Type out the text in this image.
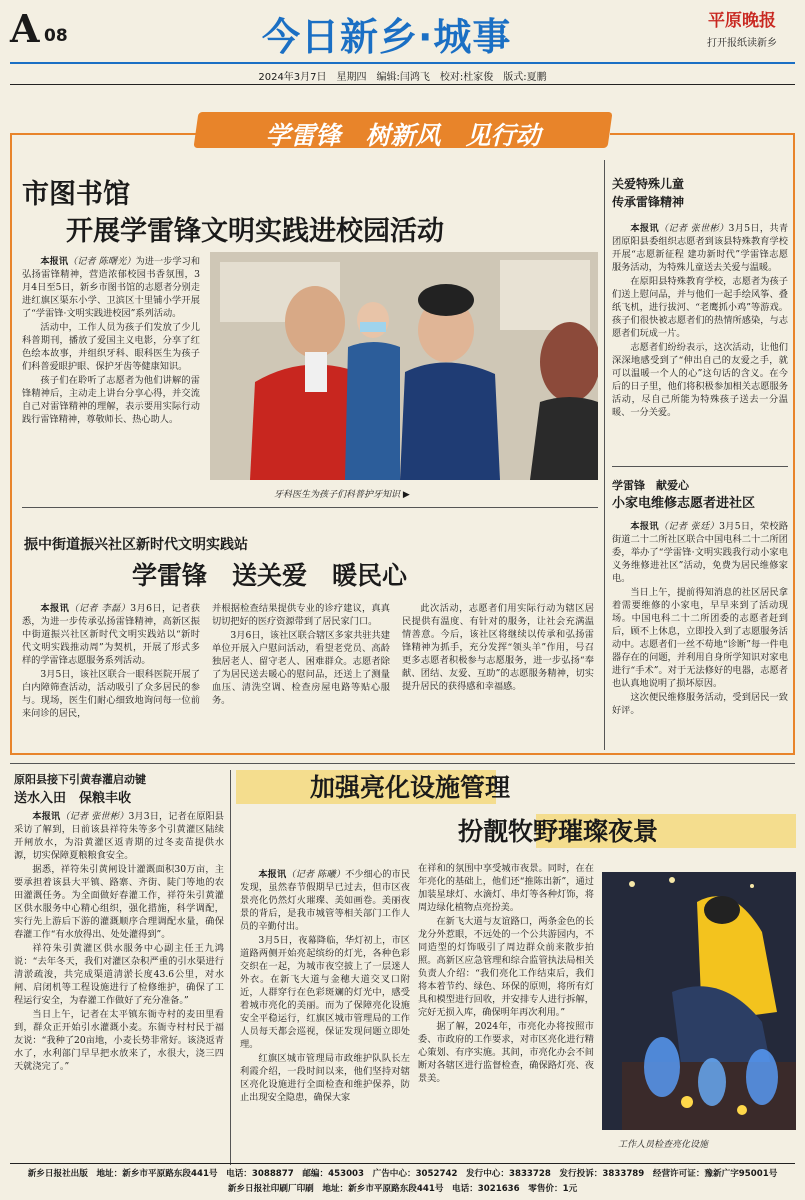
A 08	今日新乡·城事	平原晚报
打开报纸读新乡
2024年3月7日　星期四　编辑:闫鸿飞　校对:杜家俊　版式:夏鹏
学雷锋　树新风　见行动
市图书馆
开展学雷锋文明实践进校园活动
本报讯（记者 陈曙光）为进一步学习和弘扬雷锋精神，营造浓郁校园书香氛围，3月4日至5日，新乡市图书馆的志愿者分别走进红旗区渠东小学、卫滨区十里铺小学开展了“学雷锋·文明实践进校园”系列活动。
活动中，工作人员为孩子们发放了少儿科普期刊，播放了爱国主义电影，分享了红色绘本故事，并组织牙科、眼科医生为孩子们科普爱眼护眼、保护牙齿等健康知识。
孩子们在聆听了志愿者为他们讲解的雷锋精神后，主动走上讲台分享心得，并交流自己对雷锋精神的理解，表示要用实际行动践行雷锋精神，尊敬师长、热心助人。
牙科医生为孩子们科普护牙知识 ▶
关爱特殊儿童
传承雷锋精神
本报讯（记者 张世彬）3月5日，共青团原阳县委组织志愿者到该县特殊教育学校开展“志愿新征程 建功新时代”学雷锋志愿服务活动，为特殊儿童送去关爱与温暖。
在原阳县特殊教育学校，志愿者为孩子们送上慰问品，并与他们一起手绘风筝、叠纸飞机，进行拔河、“老鹰抓小鸡”等游戏。孩子们很快被志愿者们的热情所感染，与志愿者们玩成一片。
志愿者们纷纷表示，这次活动，让他们深深地感受到了“伸出自己的友爱之手，就可以温暖一个人的心”这句话的含义。在今后的日子里，他们将积极参加相关志愿服务活动，尽自己所能为特殊孩子送去一分温暖、一分关爱。
学雷锋　献爱心
小家电维修志愿者进社区
本报讯（记者 张廷）3月5日，荣校路街道二十二所社区联合中国电科二十二所团委，举办了“学雷锋·文明实践我行动小家电义务维修进社区”活动，免费为居民维修家电。
当日上午，提前得知消息的社区居民拿着需要维修的小家电，早早来到了活动现场。中国电科二十二所团委的志愿者赶到后，顾不上休息，立即投入到了志愿服务活动中。志愿者们一丝不苟地“诊断”每一件电器存在的问题，并利用自身所学知识对家电进行“手术”。对于无法修好的电器，志愿者也认真地说明了损坏原因。
这次便民维修服务活动，受到居民一致好评。
振中街道振兴社区新时代文明实践站
学雷锋　送关爱　暖民心
本报讯（记者 李磊）3月6日，记者获悉，为进一步传承弘扬雷锋精神，高新区振中街道振兴社区新时代文明实践站以“新时代文明实践推动周”为契机，开展了形式多样的学雷锋志愿服务系列活动。
3月5日，该社区联合一眼科医院开展了白内障筛查活动，活动吸引了众多居民的参与。现场，医生们耐心细致地询问每一位前来问诊的居民，
并根据检查结果提供专业的诊疗建议，真真切切把好的医疗资源带到了居民家门口。
3月6日，该社区联合辖区多家共驻共建单位开展入户慰问活动，看望老党员、高龄独居老人、留守老人、困难群众。志愿者除了为居民送去暖心的慰问品，还送上了测量血压、清洗空调、检查房屋电路等贴心服务。
此次活动，志愿者们用实际行动为辖区居民提供有温度、有针对的服务，让社会充满温情善意。今后，该社区将继续以传承和弘扬雷锋精神为抓手，充分发挥“领头羊”作用，号召更多志愿者积极参与志愿服务，进一步弘扬“奉献、团结、友爱、互助”的志愿服务精神，切实提升居民的获得感和幸福感。
原阳县接下引黄春灌启动键
送水入田　保粮丰收
本报讯（记者 张世彬）3月3日，记者在原阳县采访了解到，日前该县祥符朱等多个引黄灌区陆续开闸放水，为沿黄灌区返青期的过冬麦苗提供水源，切实保障夏粮粮食安全。
据悉，祥符朱引黄闸设计灌溉面积30万亩，主要承担着该县大平镇、路寨、齐街、陡门等地的农田灌溉任务。为全面做好春灌工作，祥符朱引黄灌区供水服务中心精心组织，强化措施，科学调配，实行先上游后下游的灌溉顺序合理调配水量，确保春灌工作“有水放得出、处处灌得到”。
祥符朱引黄灌区供水服务中心副主任王九鸿说：“去年冬天，我们对灌区杂积严重的引水渠进行清淤疏浚，共完成渠道清淤长度43.6公里，对水闸、启闭机等工程设施进行了检修维护，确保了工程运行安全，为春灌工作做好了充分准备。”
当日上午，记者在太平镇东衙寺村的麦田里看到，群众正开始引水灌溉小麦。东衙寺村村民于福友说：“我种了20亩地，小麦长势非常好。该浇返青水了，水利部门早早把水放来了，水很大，浇三四天就浇完了。”
加强亮化设施管理
扮靓牧野璀璨夜景
本报讯（记者 陈曦）不少细心的市民发现，虽然春节假期早已过去，但市区夜景亮化仍然灯火璀璨、美如画卷。美丽夜景的背后，是我市城管等相关部门工作人员的辛勤付出。
3月5日，夜幕降临，华灯初上，市区道路两侧开始亮起缤纷的灯光，各种色彩交织在一起，为城市夜空披上了一层迷人外衣。在新飞大道与金穗大道交叉口附近，人群穿行在色彩斑斓的灯光中，感受着城市亮化的美丽。而为了保障亮化设施安全平稳运行，红旗区城市管理局的工作人员每天都会巡视，保证发现问题立即处理。
红旗区城市管理局市政维护队队长左利霞介绍，一段时间以来，他们坚持对辖区亮化设施进行全面检查和维护保养，防止出现安全隐患，确保大家
在祥和的氛围中享受城市夜景。同时，在在年亮化的基础上，他们还“推陈出新”，通过加装星球灯、水滴灯、串灯等各种灯饰，将周边绿化植物点亮扮美。
在新飞大道与友谊路口，两条金色的长龙分外惹眼，不远处的一个公共游园内，不同造型的灯饰吸引了周边群众前来散步拍照。高新区应急管理和综合监管执法局相关负责人介绍：“我们亮化工作结束后，我们将本着节约、绿色、环保的原则，将所有灯具和模型进行回收，并安排专人进行拆解，完好无损入库，确保明年再次利用。”
据了解，2024年，市亮化办将按照市委、市政府的工作要求，对市区亮化进行精心策划、有序实施。其间，市亮化办会不间断对各辖区进行监督检查，确保路灯亮、夜景美。
工作人员检查亮化设施
新乡日报社出版　地址：新乡市平原路东段441号　电话：3088877　邮编：453003　广告中心：3052742　发行中心：3833728　发行投诉：3833789　经营许可证：豫新广字95001号
新乡日报社印刷厂印刷　地址：新乡市平原路东段441号　电话：3021636　零售价：1元
